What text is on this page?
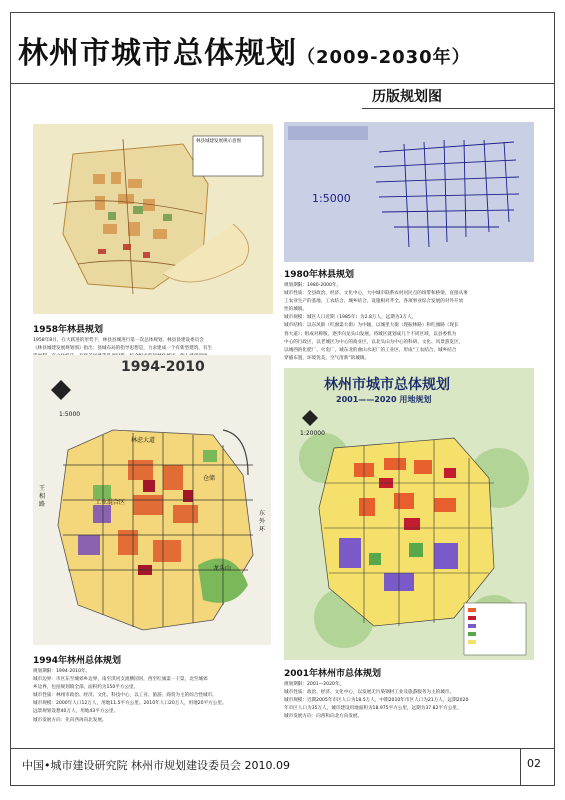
林州市城市总体规划（2009-2030年）
历版规划图
林县城建发展规示意图
1958年林县规划
1958年8月，在大跃进的形势下，林县县城进行第一次总体规划。林县县建设委员会
《林县城建发展规划图》指出：县城布局的指导思想是，力求建成一个有新型建筑，有生
1:5000
1980年林县规划
规划期限：1980-2000年。
城市性质：全县政治、经济、文化中心，大中城市联系农村居民点的纽带和桥梁，直接从事
工农业生产的基地，工农结合、城乡结合，设施相对齐全，各项事业综合发展的对外开放
性的城镇。
城市规模：城区人口近期（1985年）为2.8万人，远期为3万人。
城市结构：以东风街（红旗渠大街）为中轴，以城里大街（现振林路）和红旗路（现长
春大道）；组成对称版，逐步向龙头山发展。将城区就划成几个不同区域，以县委机为
中心的行政区，以老城区为中心的商业区，以北头山为中心的科研、文化、风景游览区，
以城西的化肥厂、火电厂、城东北的曲山水泥厂的工业区，形成“工农结合，城乡结合
穿插布置，环境优美，空气清新”的城镇。
1994-2010
1:5000
仓储
工业混合区
东外环
王相路
林虑大道
龙头山
1994年林州总体规划
规划期限：1994-2010年。
城市边界：市区东至城郊乡边界，南至淇河支流横园河，西至红旗渠一干渠，北至城郊
乡边界，包括规划镇全部，面积约为150平方公里。
城市性质：林州市政治、经济、文化、科技中心，以工业、旅游、商贸为主的综合性城市。
城市规模：2000年人口12万人，用地11.5平方公里。2010年人口20万人，用地20平方公里。
远景规划设想40万人，用地43平方公里。
城市发展方向：先向西再向北发展。
林州市城市总体规划
2001——2020 用地规划
1:20000
2001年林州市总体规划
规划期限：2001—2020年。
城市性质：政治、经济、文化中心，以发展无污染钢材工业及旅游服务为主的城市。
城市规模：近期2005年市区人口为18.5万人，中期2010年市区人口为21万人，远期2020
年市区人口为35万人，城市建设用地面积为18.975平方公里，远期为37.82平方公里。
城市发展方向：向西和向北方向发展。
中国•城市建设研究院 林州市规划建设委员会 2010.09	02
